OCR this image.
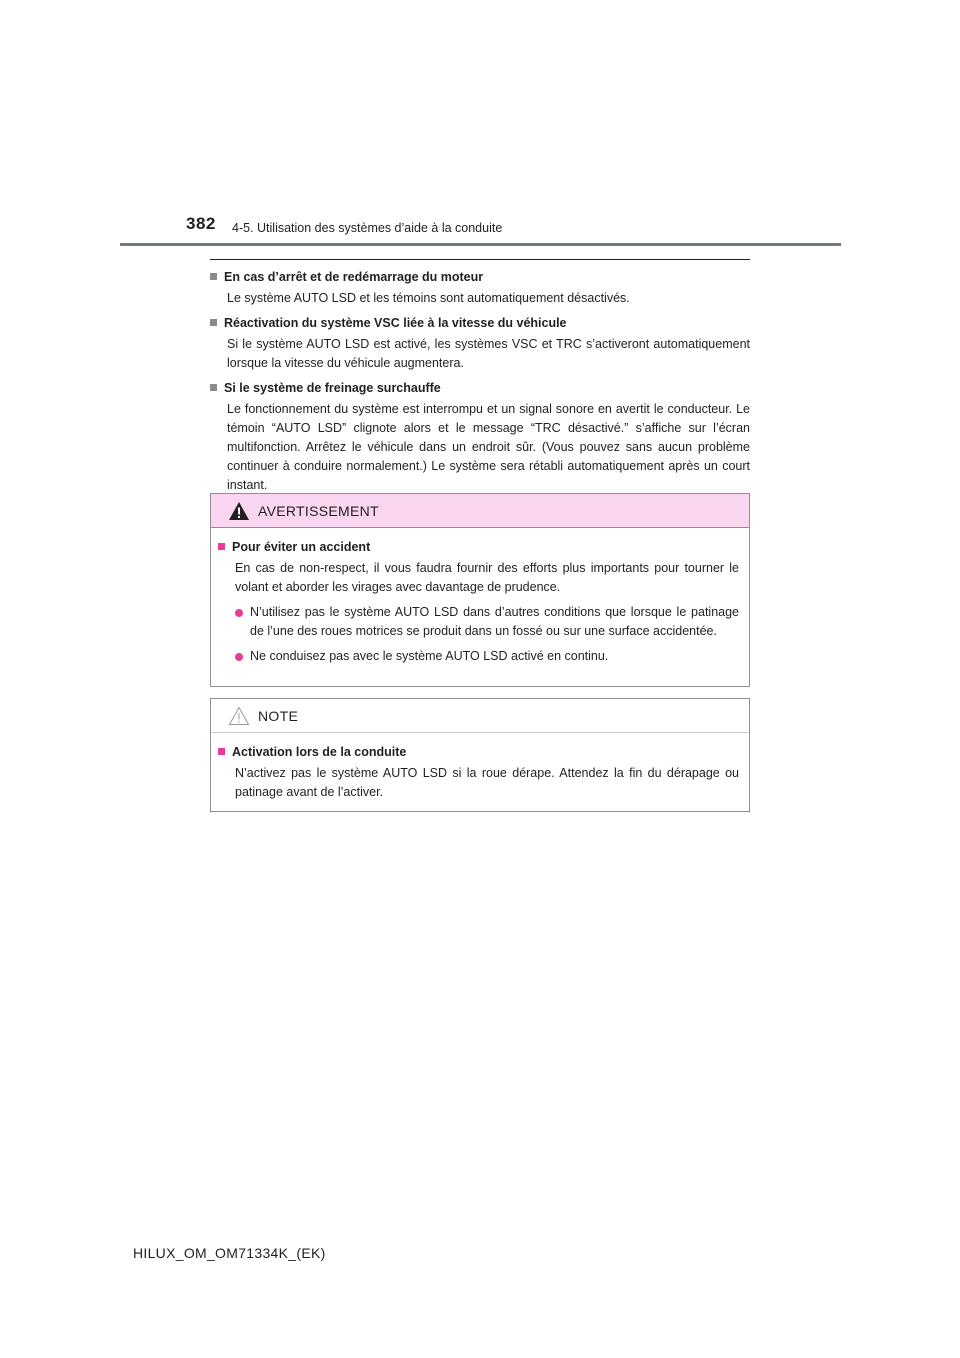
382 4-5. Utilisation des systèmes d’aide à la conduite
En cas d’arrêt et de redémarrage du moteur
Le système AUTO LSD et les témoins sont automatiquement désactivés.
Réactivation du système VSC liée à la vitesse du véhicule
Si le système AUTO LSD est activé, les systèmes VSC et TRC s’activeront automatiquement lorsque la vitesse du véhicule augmentera.
Si le système de freinage surchauffe
Le fonctionnement du système est interrompu et un signal sonore en avertit le conducteur. Le témoin “AUTO LSD” clignote alors et le message “TRC désactivé.” s’affiche sur l’écran multifonction. Arrêtez le véhicule dans un endroit sûr. (Vous pouvez sans aucun problème continuer à conduire normalement.) Le système sera rétabli automatiquement après un court instant.
AVERTISSEMENT
Pour éviter un accident
En cas de non-respect, il vous faudra fournir des efforts plus importants pour tourner le volant et aborder les virages avec davantage de prudence.
N’utilisez pas le système AUTO LSD dans d’autres conditions que lorsque le patinage de l’une des roues motrices se produit dans un fossé ou sur une surface accidentée.
Ne conduisez pas avec le système AUTO LSD activé en continu.
NOTE
Activation lors de la conduite
N’activez pas le système AUTO LSD si la roue dérape. Attendez la fin du dérapage ou patinage avant de l’activer.
HILUX_OM_OM71334K_(EK)
